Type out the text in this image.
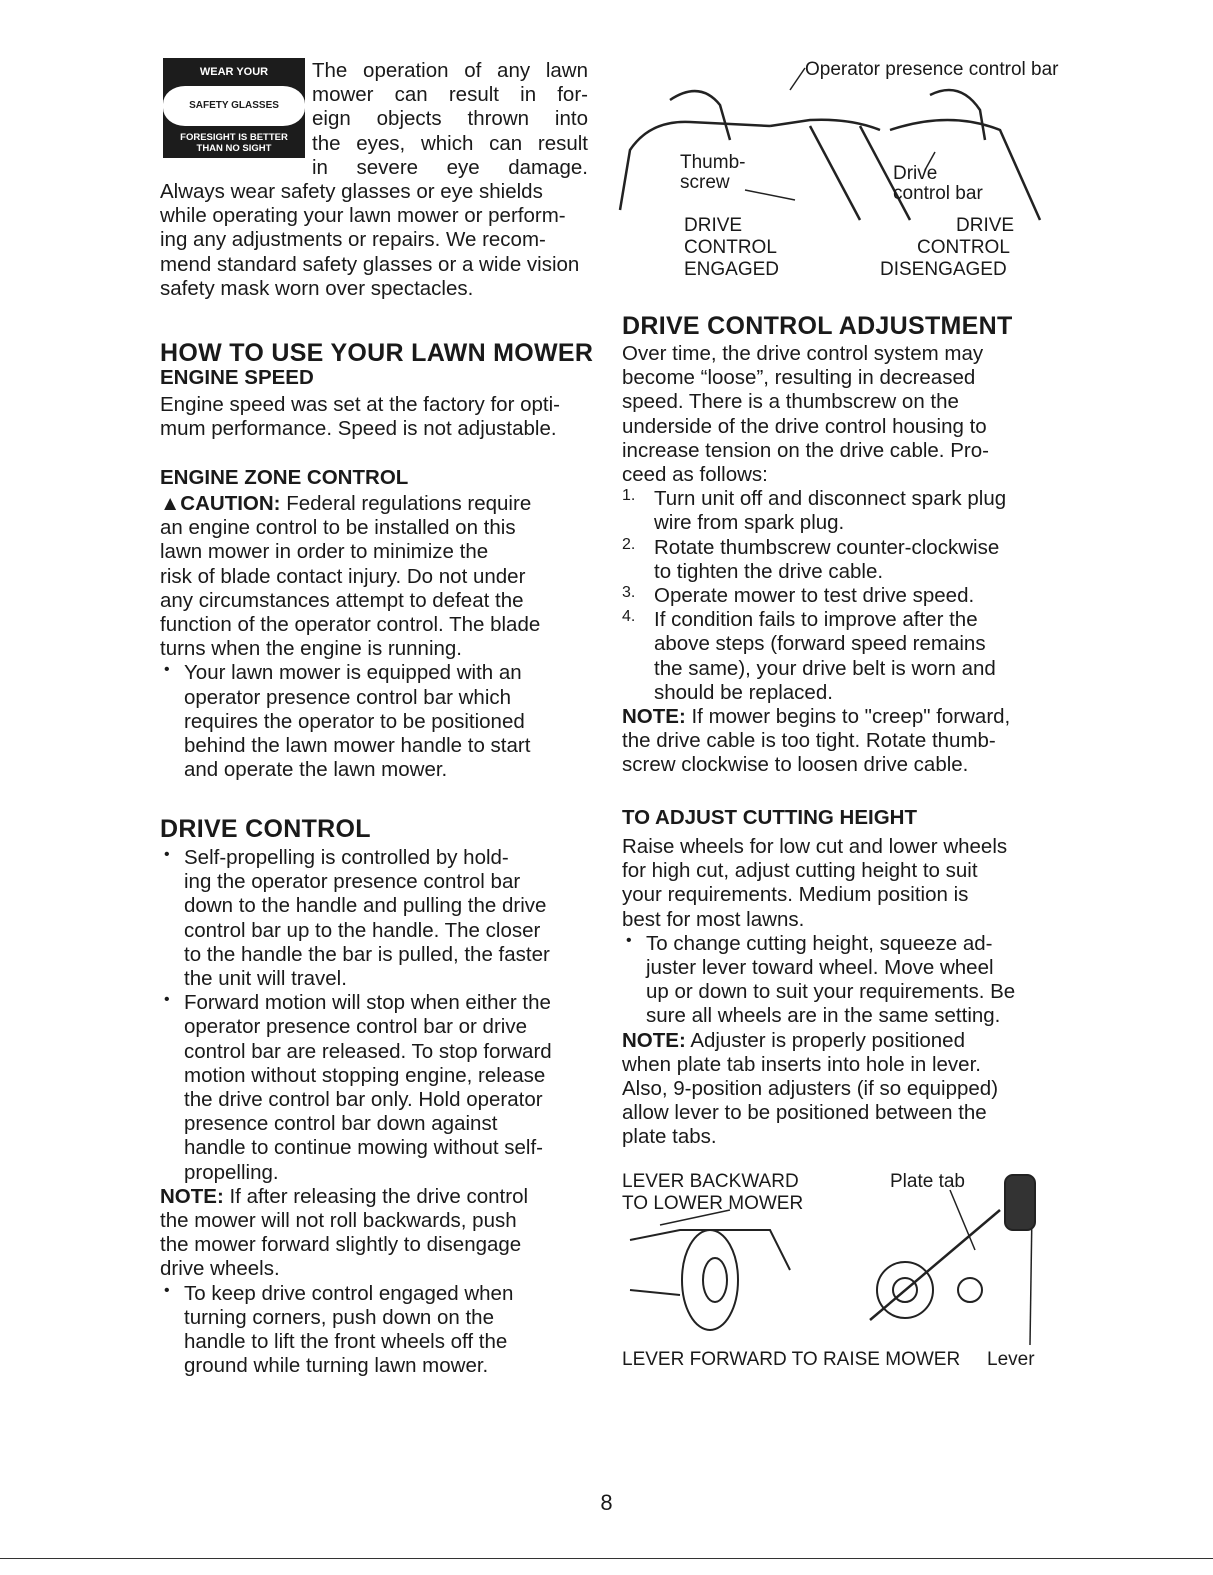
WEAR YOUR
SAFETY GLASSES
FORESIGHT IS BETTER
THAN NO SIGHT

The operation of any lawn

mower can result in for-

eign objects thrown into

the eyes, which can result

in severe eye damage.

Always wear safety glasses or eye shields

while operating your lawn mower or perform-

ing any adjustments or repairs. We recom-

mend standard safety glasses or a wide vision

safety mask worn over spectacles.

HOW TO USE YOUR LAWN MOWER
ENGINE SPEED

Engine speed was set at the factory for opti-

mum performance. Speed is not adjustable.

ENGINE ZONE CONTROL

▲CAUTION: Federal regulations require

an engine control to be installed on this

lawn mower in order to minimize the

risk of blade contact injury. Do not under

any circumstances attempt to defeat the

function of the operator control. The blade

turns when the engine is running.

• Your lawn mower is equipped with an

operator presence control bar which

requires the operator to be positioned

behind the lawn mower handle to start

and operate the lawn mower.

DRIVE CONTROL

• Self-propelling is controlled by hold-

ing the operator presence control bar

down to the handle and pulling the drive

control bar up to the handle. The closer

to the handle the bar is pulled, the faster

the unit will travel.

• Forward motion will stop when either the

operator presence control bar or drive

control bar are released. To stop forward

motion without stopping engine, release

the drive control bar only. Hold operator

presence control bar down against

handle to continue mowing without self-

propelling.

NOTE: If after releasing the drive control

the mower will not roll backwards, push

the mower forward slightly to disengage

drive wheels.

• To keep drive control engaged when

turning corners, push down on the

handle to lift the front wheels off the

ground while turning lawn mower.

Operator presence control bar
Thumb-
screw	Drive
control bar
DRIVE
CONTROL
ENGAGED
DRIVE
CONTROL
DISENGAGED
DRIVE CONTROL ADJUSTMENT

Over time, the drive control system may

become “loose”, resulting in decreased

speed. There is a thumbscrew on the

underside of the drive control housing to

increase tension on the drive cable. Pro-

ceed as follows:

1. Turn unit off and disconnect spark plug

wire from spark plug.

2. Rotate thumbscrew counter-clockwise

to tighten the drive cable.

3. Operate mower to test drive speed.

4. If condition fails to improve after the

above steps (forward speed remains

the same), your drive belt is worn and

should be replaced.

NOTE: If mower begins to "creep" forward,

the drive cable is too tight. Rotate thumb-

screw clockwise to loosen drive cable.

TO ADJUST CUTTING HEIGHT

Raise wheels for low cut and lower wheels

for high cut, adjust cutting height to suit

your requirements. Medium position is

best for most lawns.

• To change cutting height, squeeze ad-

juster lever toward wheel. Move wheel

up or down to suit your requirements. Be

sure all wheels are in the same setting.

NOTE: Adjuster is properly positioned

when plate tab inserts into hole in lever.

Also, 9-position adjusters (if so equipped)

allow lever to be positioned between the

plate tabs.

LEVER BACKWARD
TO LOWER MOWER
Plate tab
LEVER FORWARD TO RAISE MOWER Lever
8
